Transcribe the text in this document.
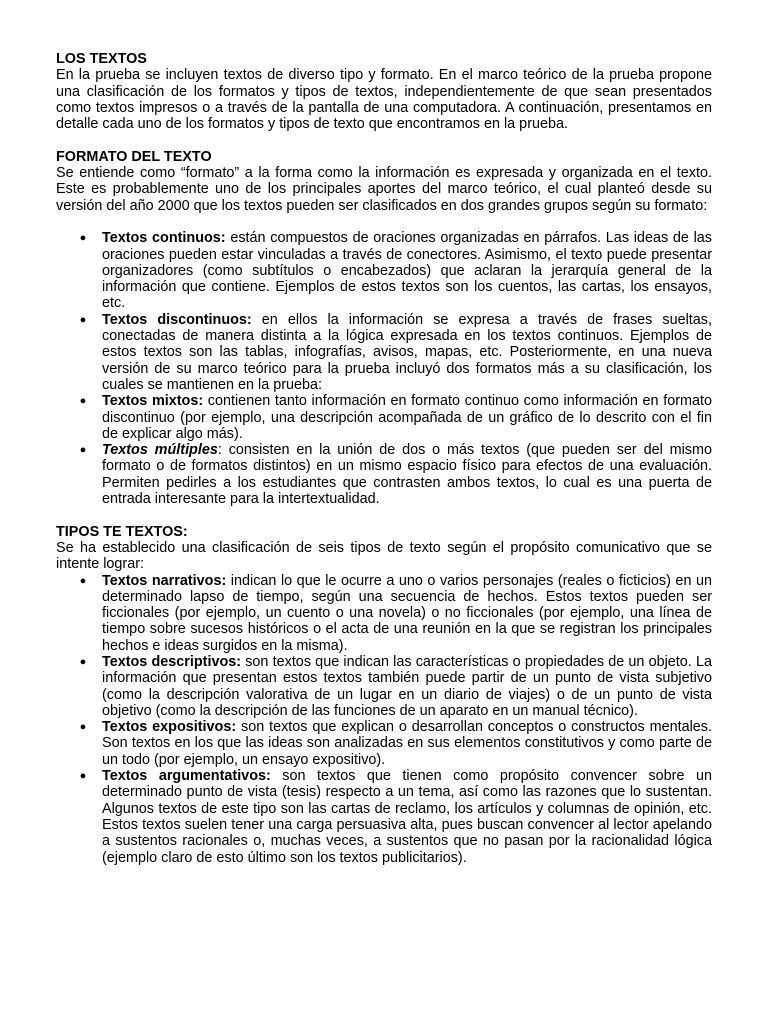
LOS TEXTOS

En la prueba se incluyen textos de diverso tipo y formato. En el marco teórico de la prueba propone una clasificación de los formatos y tipos de textos, independientemente de que sean presentados como textos impresos o a través de la pantalla de una computadora. A continuación, presentamos en detalle cada uno de los formatos y tipos de texto que encontramos en la prueba.

FORMATO DEL TEXTO

Se entiende como “formato” a la forma como la información es expresada y organizada en el texto. Este es probablemente uno de los principales aportes del marco teórico, el cual planteó desde su versión del año 2000 que los textos pueden ser clasificados en dos grandes grupos según su formato:

● Textos continuos: están compuestos de oraciones organizadas en párrafos. Las ideas de las oraciones pueden estar vinculadas a través de conectores. Asimismo, el texto puede presentar organizadores (como subtítulos o encabezados) que aclaran la jerarquía general de la información que contiene. Ejemplos de estos textos son los cuentos, las cartas, los ensayos, etc.
● Textos discontinuos: en ellos la información se expresa a través de frases sueltas, conectadas de manera distinta a la lógica expresada en los textos continuos. Ejemplos de estos textos son las tablas, infografías, avisos, mapas, etc. Posteriormente, en una nueva versión de su marco teórico para la prueba incluyó dos formatos más a su clasificación, los cuales se mantienen en la prueba:
● Textos mixtos: contienen tanto información en formato continuo como información en formato discontinuo (por ejemplo, una descripción acompañada de un gráfico de lo descrito con el fin de explicar algo más).
● Textos múltiples: consisten en la unión de dos o más textos (que pueden ser del mismo formato o de formatos distintos) en un mismo espacio físico para efectos de una evaluación. Permiten pedirles a los estudiantes que contrasten ambos textos, lo cual es una puerta de entrada interesante para la intertextualidad.
TIPOS TE TEXTOS:

Se ha establecido una clasificación de seis tipos de texto según el propósito comunicativo que se intente lograr:

● Textos narrativos: indican lo que le ocurre a uno o varios personajes (reales o ficticios) en un determinado lapso de tiempo, según una secuencia de hechos. Estos textos pueden ser ficcionales (por ejemplo, un cuento o una novela) o no ficcionales (por ejemplo, una línea de tiempo sobre sucesos históricos o el acta de una reunión en la que se registran los principales hechos e ideas surgidos en la misma).
● Textos descriptivos: son textos que indican las características o propiedades de un objeto. La información que presentan estos textos también puede partir de un punto de vista subjetivo (como la descripción valorativa de un lugar en un diario de viajes) o de un punto de vista objetivo (como la descripción de las funciones de un aparato en un manual técnico).
● Textos expositivos: son textos que explican o desarrollan conceptos o constructos mentales. Son textos en los que las ideas son analizadas en sus elementos constitutivos y como parte de un todo (por ejemplo, un ensayo expositivo).
● Textos argumentativos: son textos que tienen como propósito convencer sobre un determinado punto de vista (tesis) respecto a un tema, así como las razones que lo sustentan. Algunos textos de este tipo son las cartas de reclamo, los artículos y columnas de opinión, etc. Estos textos suelen tener una carga persuasiva alta, pues buscan convencer al lector apelando a sustentos racionales o, muchas veces, a sustentos que no pasan por la racionalidad lógica (ejemplo claro de esto último son los textos publicitarios).
